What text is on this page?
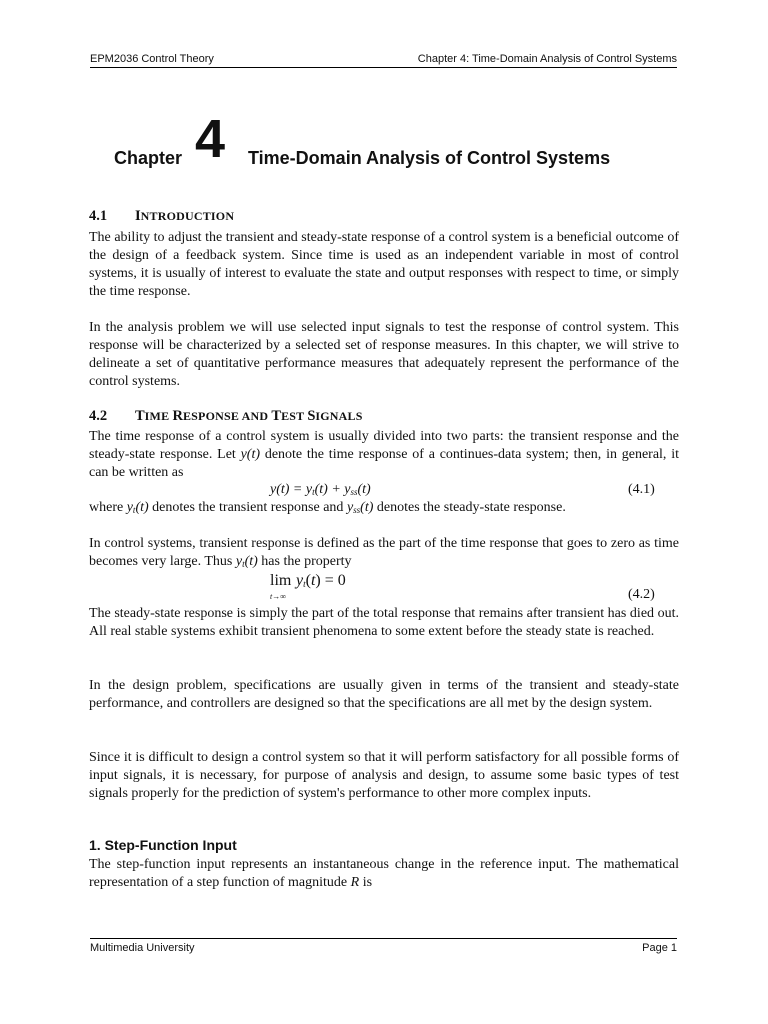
EPM2036 Control Theory	Chapter 4: Time-Domain Analysis of Control Systems
Chapter 4 Time-Domain Analysis of Control Systems
4.1 INTRODUCTION
The ability to adjust the transient and steady-state response of a control system is a beneficial outcome of the design of a feedback system. Since time is used as an independent variable in most of control systems, it is usually of interest to evaluate the state and output responses with respect to time, or simply the time response.
In the analysis problem we will use selected input signals to test the response of control system. This response will be characterized by a selected set of response measures. In this chapter, we will strive to delineate a set of quantitative performance measures that adequately represent the performance of the control systems.
4.2 TIME RESPONSE AND TEST SIGNALS
The time response of a control system is usually divided into two parts: the transient response and the steady-state response. Let y(t) denote the time response of a continues-data system; then, in general, it can be written as
$y(t) = y_t(t) + y_{ss}(t)$	(4.1)
where $y_t(t)$ denotes the transient response and $y_{ss}(t)$ denotes the steady-state response.
In control systems, transient response is defined as the part of the time response that goes to zero as time becomes very large. Thus $y_t(t)$ has the property
lim
t→∞
$y_t(t) = 0$
(4.2)
The steady-state response is simply the part of the total response that remains after transient has died out. All real stable systems exhibit transient phenomena to some extent before the steady state is reached.
In the design problem, specifications are usually given in terms of the transient and steady-state performance, and controllers are designed so that the specifications are all met by the design system.
Since it is difficult to design a control system so that it will perform satisfactory for all possible forms of input signals, it is necessary, for purpose of analysis and design, to assume some basic types of test signals properly for the prediction of system's performance to other more complex inputs.
1. Step-Function Input
The step-function input represents an instantaneous change in the reference input. The mathematical representation of a step function of magnitude R is
Multimedia University	Page 1
